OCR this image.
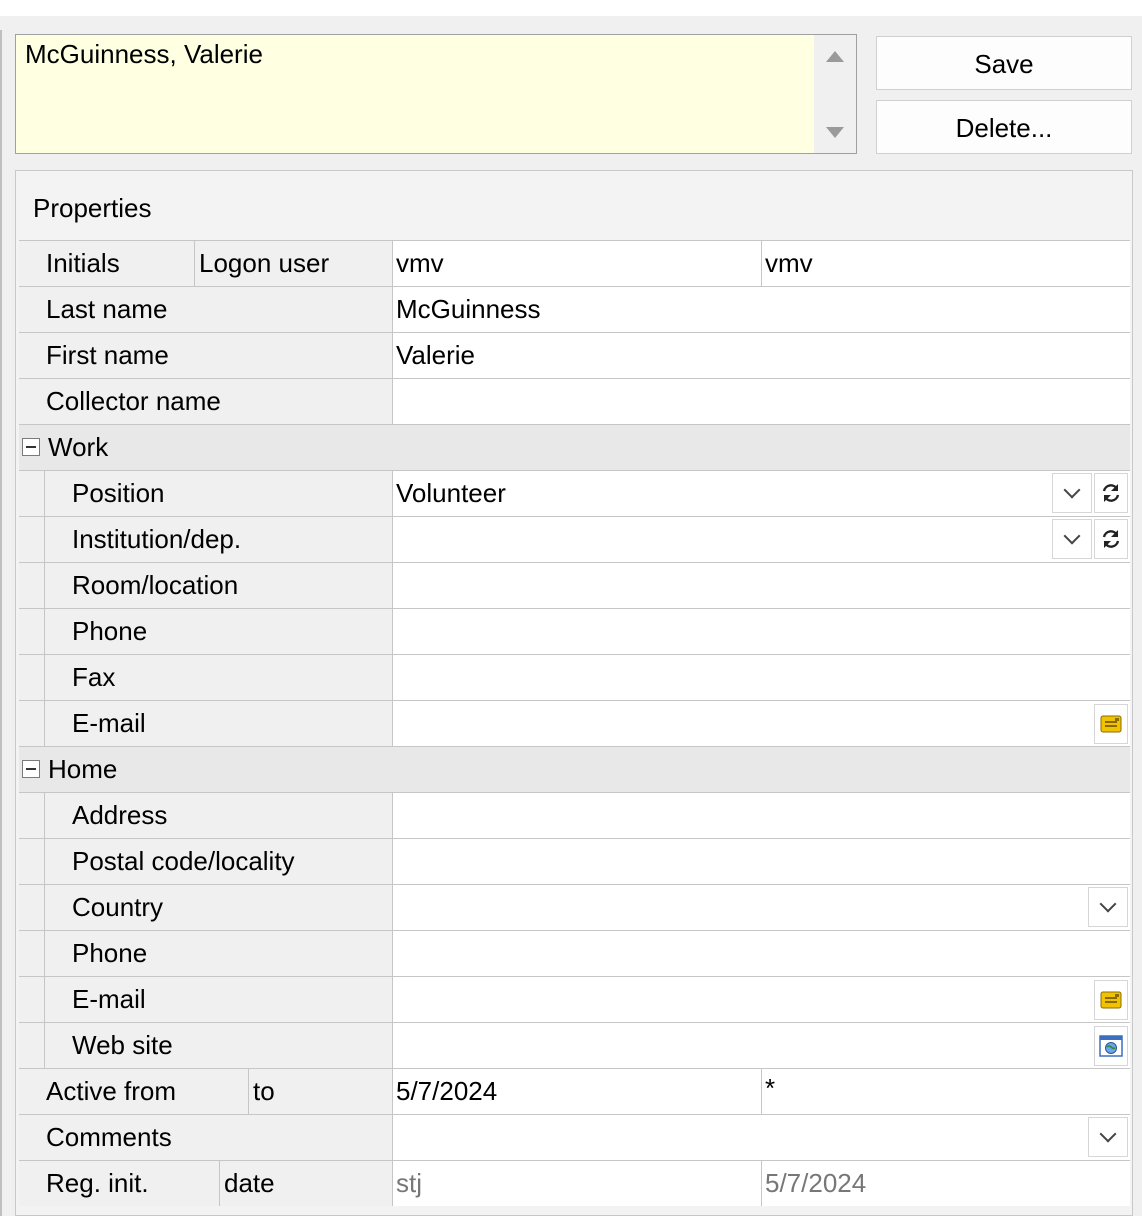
McGuinness, Valerie	Save
Delete...
Properties
Initials	Logon user	vmv	vmv
Last name	McGuinness
First name	Valerie
Collector name
Work
Position	Volunteer
Institution/dep.
Room/location
Phone
Fax
E-mail
Home
Address
Postal code/locality
Country
Phone
E-mail
Web site
Active from	to	5/7/2024	*
Comments
Reg. init.	date	stj	5/7/2024
